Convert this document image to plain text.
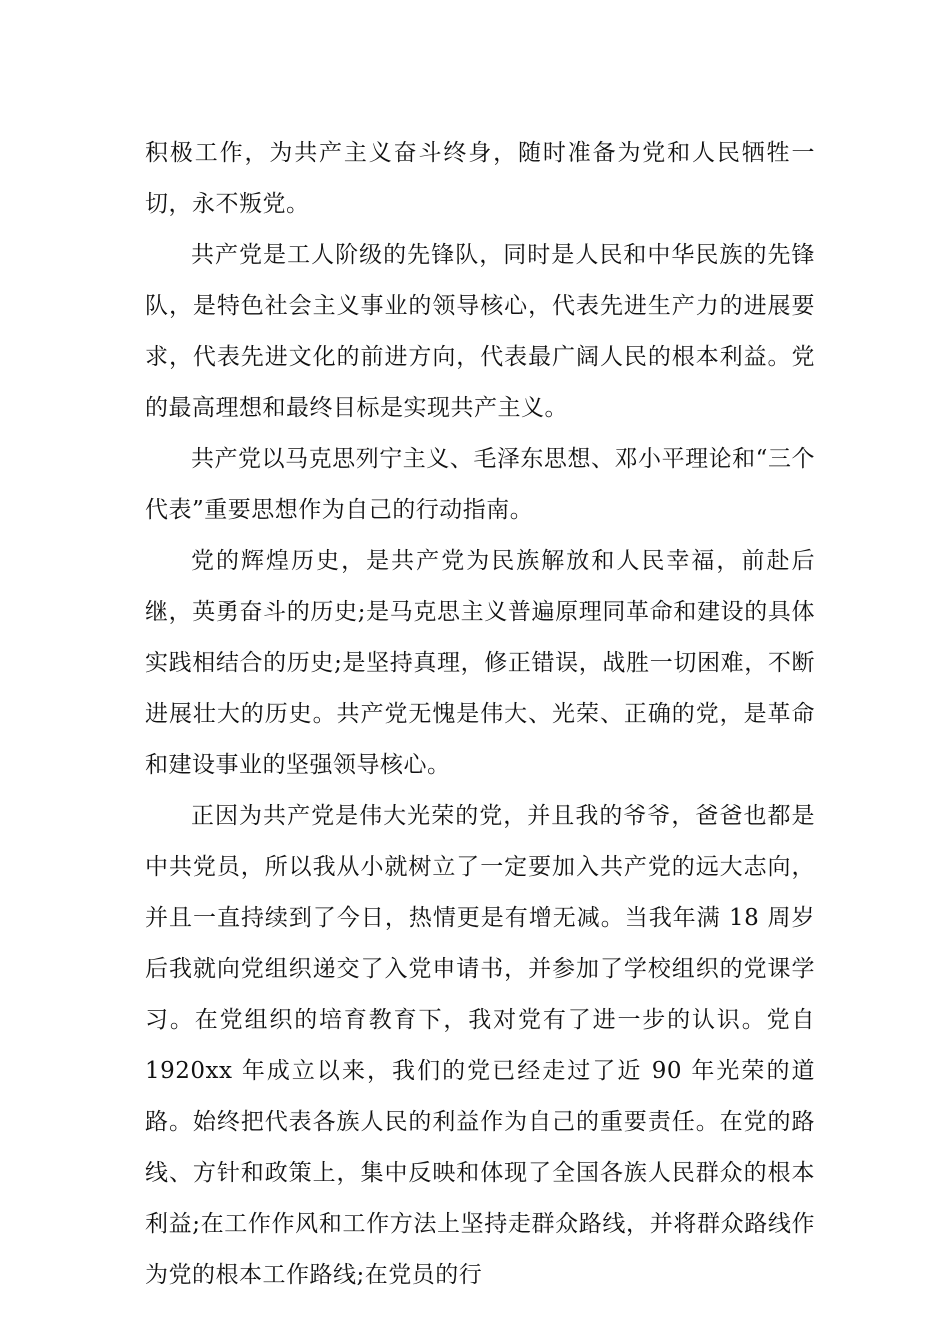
积极工作，为共产主义奋斗终身，随时准备为党和人民牺牲一切，永不叛党。

共产党是工人阶级的先锋队，同时是人民和中华民族的先锋队，是特色社会主义事业的领导核心，代表先进生产力的进展要求，代表先进文化的前进方向，代表最广阔人民的根本利益。党的最高理想和最终目标是实现共产主义。

共产党以马克思列宁主义、毛泽东思想、邓小平理论和“三个代表”重要思想作为自己的行动指南。

党的辉煌历史，是共产党为民族解放和人民幸福，前赴后继，英勇奋斗的历史;是马克思主义普遍原理同革命和建设的具体实践相结合的历史;是坚持真理，修正错误，战胜一切困难，不断进展壮大的历史。共产党无愧是伟大、光荣、正确的党，是革命和建设事业的坚强领导核心。

正因为共产党是伟大光荣的党，并且我的爷爷，爸爸也都是中共党员，所以我从小就树立了一定要加入共产党的远大志向，并且一直持续到了今日，热情更是有增无减。当我年满 18 周岁后我就向党组织递交了入党申请书，并参加了学校组织的党课学习。在党组织的培育教育下，我对党有了进一步的认识。党自 1920xx 年成立以来，我们的党已经走过了近 90 年光荣的道路。始终把代表各族人民的利益作为自己的重要责任。在党的路线、方针和政策上，集中反映和体现了全国各族人民群众的根本利益;在工作作风和工作方法上坚持走群众路线，并将群众路线作为党的根本工作路线;在党员的行
